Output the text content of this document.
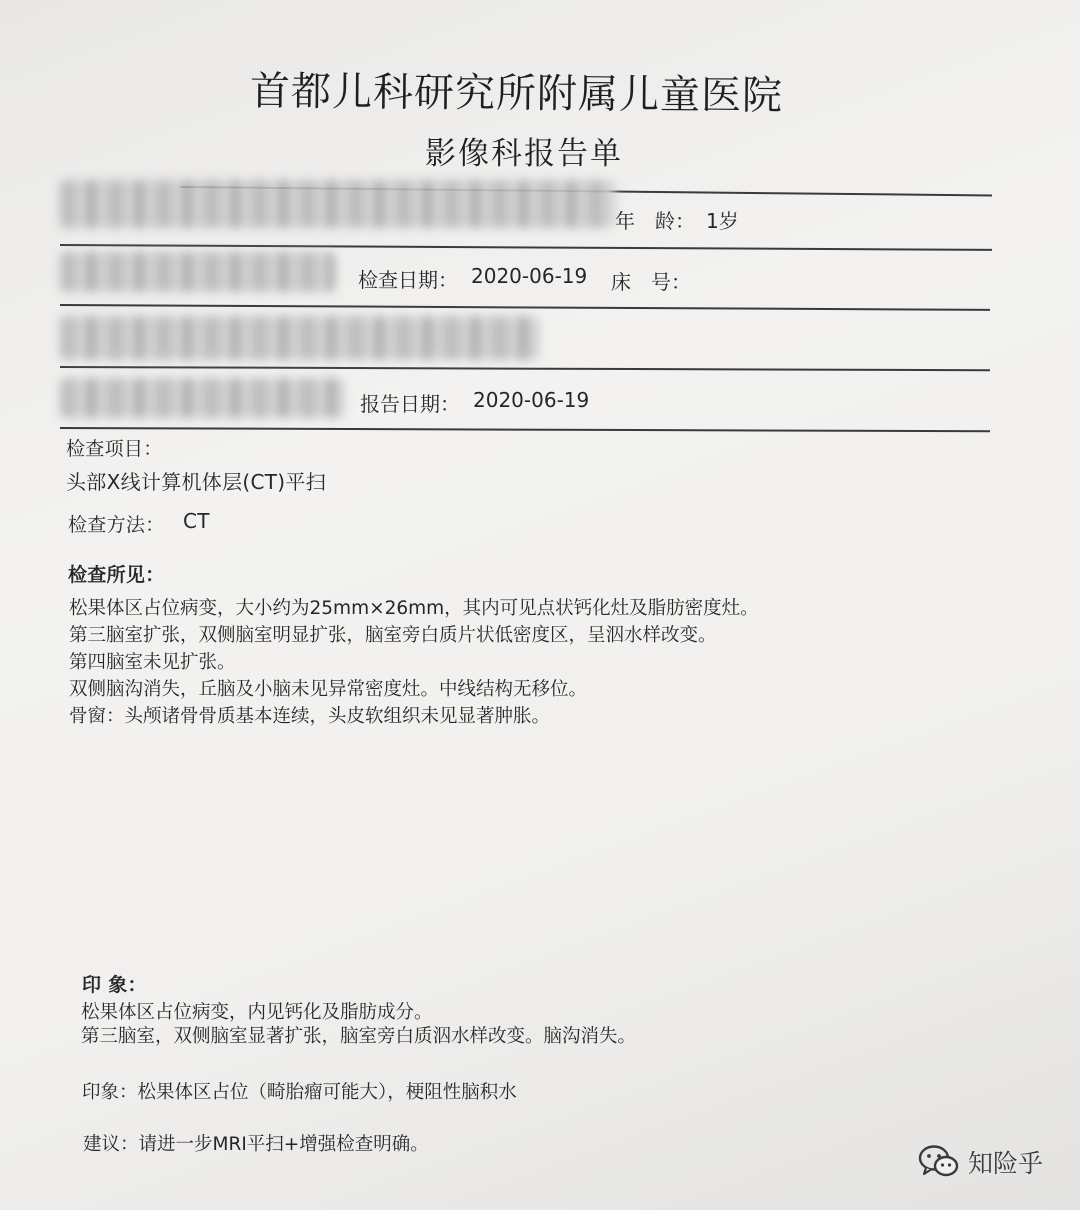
首都儿科研究所附属儿童医院
影像科报告单
年　龄： 1岁
检查日期： 2020-06-19 床　号：
报告日期： 2020-06-19
检查项目：
头部X线计算机体层(CT)平扫
检查方法： CT
检查所见：
松果体区占位病变，大小约为25mm×26mm，其内可见点状钙化灶及脂肪密度灶。
第三脑室扩张，双侧脑室明显扩张，脑室旁白质片状低密度区，呈泅水样改变。
第四脑室未见扩张。
双侧脑沟消失，丘脑及小脑未见异常密度灶。中线结构无移位。
骨窗：头颅诸骨骨质基本连续，头皮软组织未见显著肿胀。
印 象：
松果体区占位病变，内见钙化及脂肪成分。
第三脑室，双侧脑室显著扩张，脑室旁白质泅水样改变。脑沟消失。
印象：松果体区占位（畸胎瘤可能大），梗阻性脑积水
建议：请进一步MRI平扫+增强检查明确。
知险乎
